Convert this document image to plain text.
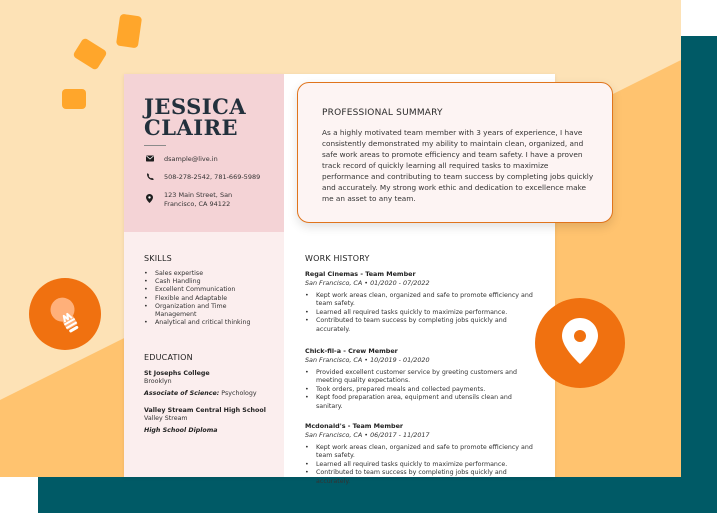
JESSICA
CLAIRE
dsample@live.in
508-278-2542, 781-669-5989
123 Main Street, San
Francisco, CA 94122
SKILLS
• Sales expertise
• Cash Handling
• Excellent Communication
• Flexible and Adaptable
• Organization and Time Management
• Analytical and critical thinking
EDUCATION
St Josephs College
Brooklyn
Associate of Science: Psychology
Valley Stream Central High School
Valley Stream
High School Diploma
WORK HISTORY
Regal Cinemas - Team Member
San Francisco, CA • 01/2020 - 07/2022
• Kept work areas clean, organized and safe to promote efficiency and team safety.
• Learned all required tasks quickly to maximize performance.
• Contributed to team success by completing jobs quickly and accurately.
Chick-fil-a - Crew Member
San Francisco, CA • 10/2019 - 01/2020
• Provided excellent customer service by greeting customers and meeting quality expectations.
• Took orders, prepared meals and collected payments.
• Kept food preparation area, equipment and utensils clean and sanitary.
Mcdonald's - Team Member
San Francisco, CA • 06/2017 - 11/2017
• Kept work areas clean, organized and safe to promote efficiency and team safety.
• Learned all required tasks quickly to maximize performance.
• Contributed to team success by completing jobs quickly and accurately.
PROFESSIONAL SUMMARY
As a highly motivated team member with 3 years of experience, I have consistently demonstrated my ability to maintain clean, organized, and safe work areas to promote efficiency and team safety. I have a proven track record of quickly learning all required tasks to maximize performance and contributing to team success by completing jobs quickly and accurately. My strong work ethic and dedication to excellence make me an asset to any team.
